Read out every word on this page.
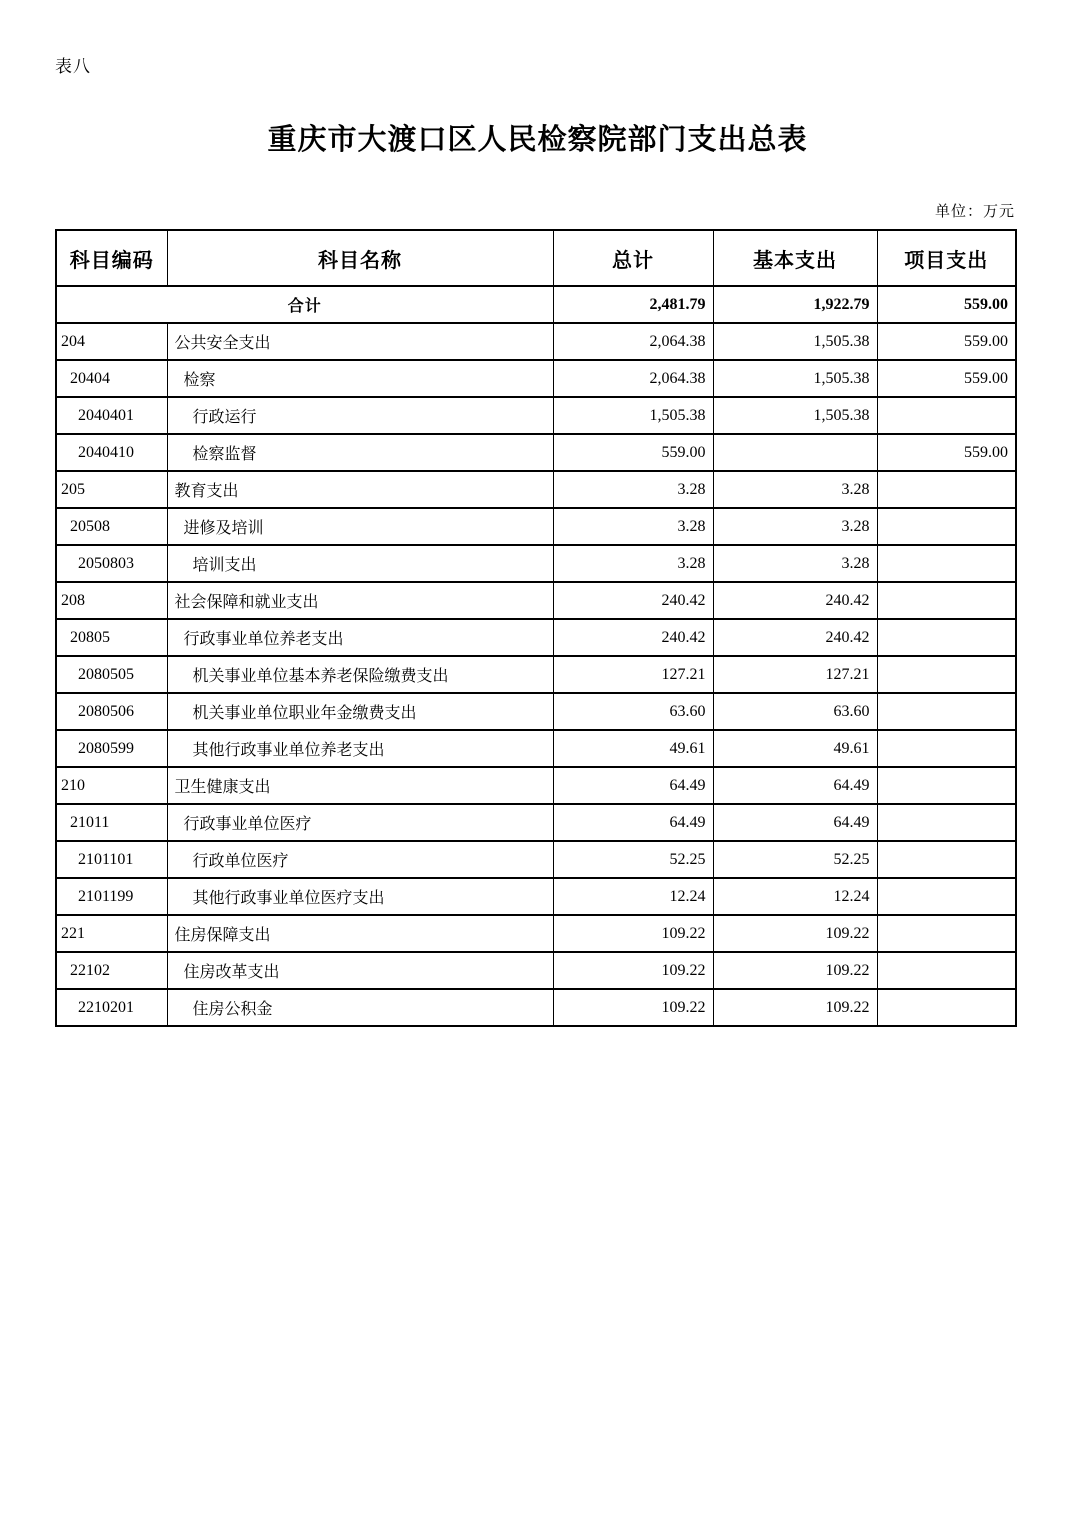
表八
重庆市大渡口区人民检察院部门支出总表
单位：万元
科目编码	科目名称	总计	基本支出	项目支出
合计		2,481.79	1,922.79	559.00
204	公共安全支出	2,064.38	1,505.38	559.00
20404	检察	2,064.38	1,505.38	559.00
2040401	行政运行	1,505.38	1,505.38	
2040410	检察监督	559.00		559.00
205	教育支出	3.28	3.28	
20508	进修及培训	3.28	3.28	
2050803	培训支出	3.28	3.28	
208	社会保障和就业支出	240.42	240.42	
20805	行政事业单位养老支出	240.42	240.42	
2080505	机关事业单位基本养老保险缴费支出	127.21	127.21	
2080506	机关事业单位职业年金缴费支出	63.60	63.60	
2080599	其他行政事业单位养老支出	49.61	49.61	
210	卫生健康支出	64.49	64.49	
21011	行政事业单位医疗	64.49	64.49	
2101101	行政单位医疗	52.25	52.25	
2101199	其他行政事业单位医疗支出	12.24	12.24	
221	住房保障支出	109.22	109.22	
22102	住房改革支出	109.22	109.22	
2210201	住房公积金	109.22	109.22	
